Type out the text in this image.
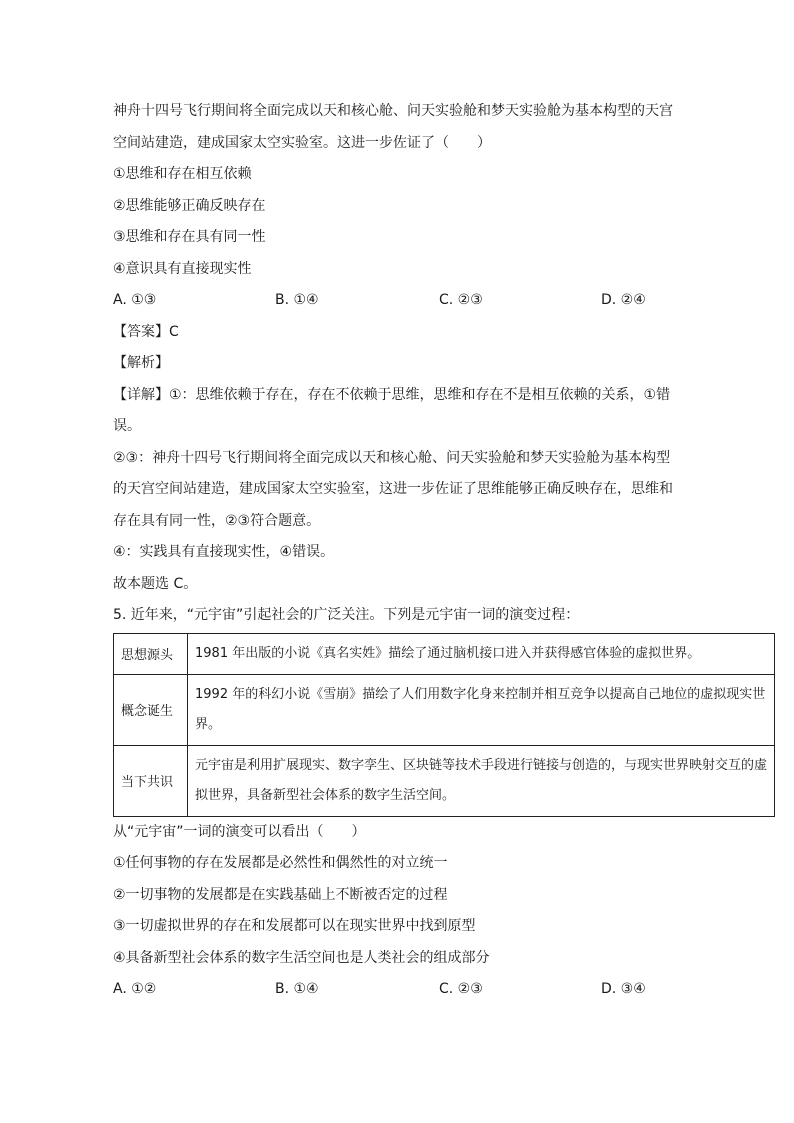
神舟十四号飞行期间将全面完成以天和核心舱、问天实验舱和梦天实验舱为基本构型的天宫
空间站建造，建成国家太空实验室。这进一步佐证了（　　）
①思维和存在相互依赖
②思维能够正确反映存在
③思维和存在具有同一性
④意识具有直接现实性
A. ①③	B. ①④	C. ②③	D. ②④
【答案】C
【解析】
【详解】①：思维依赖于存在，存在不依赖于思维，思维和存在不是相互依赖的关系，①错
误。
②③：神舟十四号飞行期间将全面完成以天和核心舱、问天实验舱和梦天实验舱为基本构型
的天宫空间站建造，建成国家太空实验室，这进一步佐证了思维能够正确反映存在，思维和
存在具有同一性，②③符合题意。
④：实践具有直接现实性，④错误。
故本题选 C。
5. 近年来，“元宇宙”引起社会的广泛关注。下列是元宇宙一词的演变过程：
思想源头	1981 年出版的小说《真名实姓》描绘了通过脑机接口进入并获得感官体验的虚拟世界。
概念诞生	1992 年的科幻小说《雪崩》描绘了人们用数字化身来控制并相互竞争以提高自己地位的虚拟现实世界。
当下共识	元宇宙是利用扩展现实、数字孪生、区块链等技术手段进行链接与创造的，与现实世界映射交互的虚拟世界，具备新型社会体系的数字生活空间。
从“元宇宙”一词的演变可以看出（　　）
①任何事物的存在发展都是必然性和偶然性的对立统一
②一切事物的发展都是在实践基础上不断被否定的过程
③一切虚拟世界的存在和发展都可以在现实世界中找到原型
④具备新型社会体系的数字生活空间也是人类社会的组成部分
A. ①②	B. ①④	C. ②③	D. ③④
